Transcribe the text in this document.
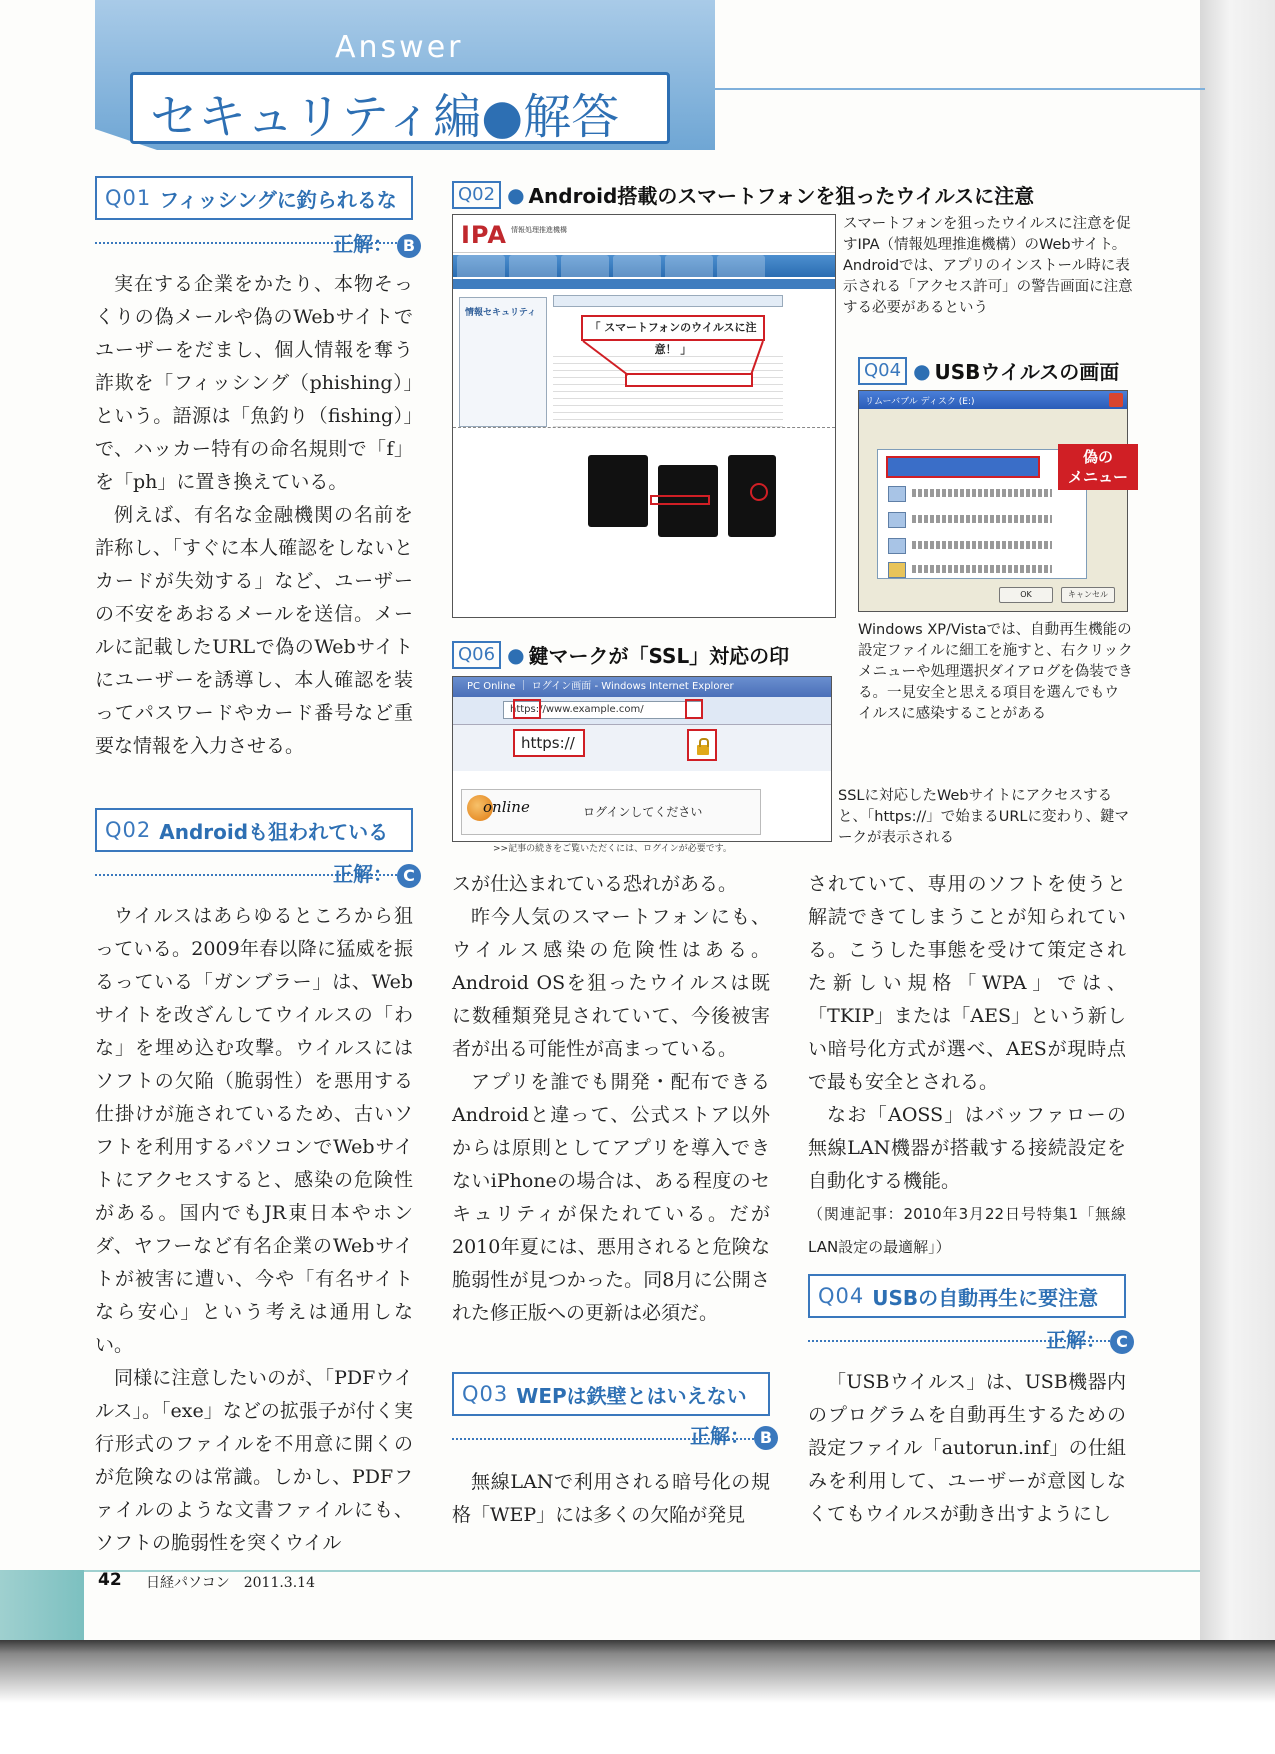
Answer
セキュリティ編●解答
Q01 フィッシングに釣られるな
正解： B

実在する企業をかたり、本物そっくりの偽メールや偽のWebサイトでユーザーをだまし、個人情報を奪う詐欺を「フィッシング（phishing）」という。語源は「魚釣り（fishing）」で、ハッカー特有の命名規則で「f」を「ph」に置き換えている。

例えば、有名な金融機関の名前を詐称し、「すぐに本人確認をしないとカードが失効する」など、ユーザーの不安をあおるメールを送信。メールに記載したURLで偽のWebサイトにユーザーを誘導し、本人確認を装ってパスワードやカード番号など重要な情報を入力させる。

Q02 Androidも狙われている
正解： C

ウイルスはあらゆるところから狙っている。2009年春以降に猛威を振るっている「ガンブラー」は、Webサイトを改ざんしてウイルスの「わな」を埋め込む攻撃。ウイルスにはソフトの欠陥（脆弱性）を悪用する仕掛けが施されているため、古いソフトを利用するパソコンでWebサイトにアクセスすると、感染の危険性がある。国内でもJR東日本やホンダ、ヤフーなど有名企業のWebサイトが被害に遭い、今や「有名サイトなら安心」という考えは通用しない。

同様に注意したいのが、「PDFウイルス」。「exe」などの拡張子が付く実行形式のファイルを不用意に開くのが危険なのは常識。しかし、PDFファイルのような文書ファイルにも、ソフトの脆弱性を突くウイル

スが仕込まれている恐れがある。

昨今人気のスマートフォンにも、ウイルス感染の危険性はある。Android OSを狙ったウイルスは既に数種類発見されていて、今後被害者が出る可能性が高まっている。

アプリを誰でも開発・配布できるAndroidと違って、公式ストア以外からは原則としてアプリを導入できないiPhoneの場合は、ある程度のセキュリティが保たれている。だが2010年夏には、悪用されると危険な脆弱性が見つかった。同8月に公開された修正版への更新は必須だ。

Q03 WEPは鉄壁とはいえない
正解： B

無線LANで利用される暗号化の規格「WEP」には多くの欠陥が発見

されていて、専用のソフトを使うと解読できてしまうことが知られている。こうした事態を受けて策定された新しい規格「WPA」では、「TKIP」または「AES」という新しい暗号化方式が選べ、AESが現時点で最も安全とされる。

なお「AOSS」はバッファローの無線LAN機器が搭載する接続設定を自動化する機能。

（関連記事：2010年3月22日号特集1「無線LAN設定の最適解」）

Q04 USBの自動再生に要注意
正解： C

「USBウイルス」は、USB機器内のプログラムを自動再生するための設定ファイル「autorun.inf」の仕組みを利用して、ユーザーが意図しなくてもウイルスが動き出すようにし

Q02 ● Android搭載のスマートフォンを狙ったウイルスに注意
IPA 情報処理推進機構
情報セキュリティ
「 スマートフォンのウイルスに注意！ 」
スマートフォンを狙ったウイルスに注意を促すIPA（情報処理推進機構）のWebサイト。Androidでは、アプリのインストール時に表示される「アクセス許可」の警告画面に注意する必要があるという
Q04 ● USBウイルスの画面
リムーバブル ディスク (E:)
OK	キャンセル
偽の
メニュー
Windows XP/Vistaでは、自動再生機能の設定ファイルに細工を施すと、右クリックメニューや処理選択ダイアログを偽装できる。一見安全と思える項目を選んでもウイルスに感染することがある
Q06 ● 鍵マークが「SSL」対応の印
PC Online ｜ ログイン画面 - Windows Internet Explorer
https://www.example.com/
online	ログインしてください
>>記事の続きをご覧いただくには、ログインが必要です。
https://
SSLに対応したWebサイトにアクセスすると、「https://」で始まるURLに変わり、鍵マークが表示される
42 日経パソコン　2011.3.14
